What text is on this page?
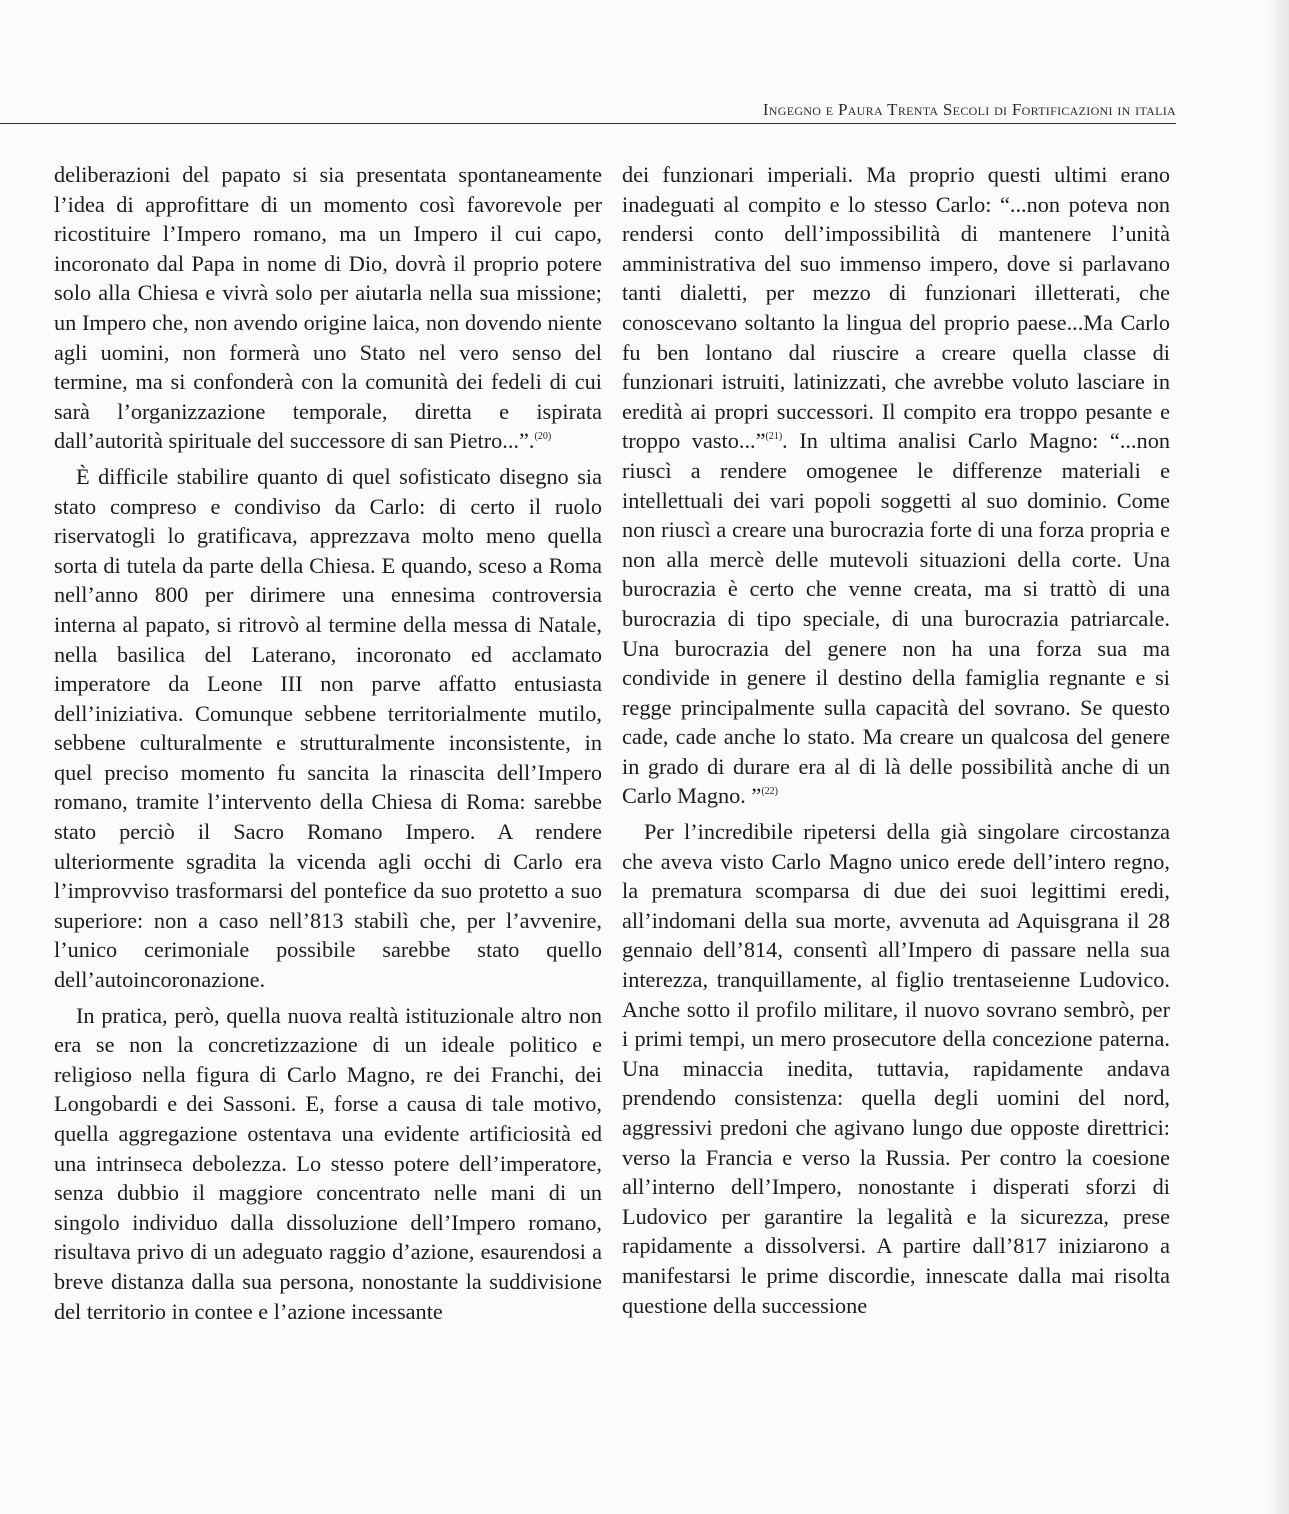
Ingegno e Paura Trenta Secoli di Fortificazioni in italia

deliberazioni del papato si sia presentata spontaneamente l’idea di approfittare di un momento così favorevole per ricostituire l’Impero romano, ma un Impero il cui capo, incoronato dal Papa in nome di Dio, dovrà il proprio potere solo alla Chiesa e vivrà solo per aiutarla nella sua missione; un Impero che, non avendo origine laica, non dovendo niente agli uomini, non formerà uno Stato nel vero senso del termine, ma si confonderà con la comunità dei fedeli di cui sarà l’organizzazione temporale, diretta e ispirata dall’autorità spirituale del successore di san Pietro...”.$^{(20)}$

È difficile stabilire quanto di quel sofisticato disegno sia stato compreso e condiviso da Carlo: di certo il ruolo riservatogli lo gratificava, apprezzava molto meno quella sorta di tutela da parte della Chiesa. E quando, sceso a Roma nell’anno 800 per dirimere una ennesima controversia interna al papato, si ritrovò al termine della messa di Natale, nella basilica del Laterano, incoronato ed acclamato imperatore da Leone III non parve affatto entusiasta dell’iniziativa. Comunque sebbene territorialmente mutilo, sebbene culturalmente e strutturalmente inconsistente, in quel preciso momento fu sancita la rinascita dell’Impero romano, tramite l’intervento della Chiesa di Roma: sarebbe stato perciò il Sacro Romano Impero. A rendere ulteriormente sgradita la vicenda agli occhi di Carlo era l’improvviso trasformarsi del pontefice da suo protetto a suo superiore: non a caso nell’813 stabilì che, per l’avvenire, l’unico cerimoniale possibile sarebbe stato quello dell’autoincoronazione.

In pratica, però, quella nuova realtà istituzionale altro non era se non la concretizzazione di un ideale politico e religioso nella figura di Carlo Magno, re dei Franchi, dei Longobardi e dei Sassoni. E, forse a causa di tale motivo, quella aggregazione ostentava una evidente artificiosità ed una intrinseca debolezza. Lo stesso potere dell’imperatore, senza dubbio il maggiore concentrato nelle mani di un singolo individuo dalla dissoluzione dell’Impero romano, risultava privo di un adeguato raggio d’azione, esaurendosi a breve distanza dalla sua persona, nonostante la suddivisione del territorio in contee e l’azione incessante

dei funzionari imperiali. Ma proprio questi ultimi erano inadeguati al compito e lo stesso Carlo: “...non poteva non rendersi conto dell’impossibilità di mantenere l’unità amministrativa del suo immenso impero, dove si parlavano tanti dialetti, per mezzo di funzionari illetterati, che conoscevano soltanto la lingua del proprio paese...Ma Carlo fu ben lontano dal riuscire a creare quella classe di funzionari istruiti, latinizzati, che avrebbe voluto lasciare in eredità ai propri successori. Il compito era troppo pesante e troppo vasto...”$^{(21)}$. In ultima analisi Carlo Magno: “...non riuscì a rendere omogenee le differenze materiali e intellettuali dei vari popoli soggetti al suo dominio. Come non riuscì a creare una burocrazia forte di una forza propria e non alla mercè delle mutevoli situazioni della corte. Una burocrazia è certo che venne creata, ma si trattò di una burocrazia di tipo speciale, di una burocrazia patriarcale. Una burocrazia del genere non ha una forza sua ma condivide in genere il destino della famiglia regnante e si regge principalmente sulla capacità del sovrano. Se questo cade, cade anche lo stato. Ma creare un qualcosa del genere in grado di durare era al di là delle possibilità anche di un Carlo Magno. ”$^{(22)}$

Per l’incredibile ripetersi della già singolare circostanza che aveva visto Carlo Magno unico erede dell’intero regno, la prematura scomparsa di due dei suoi legittimi eredi, all’indomani della sua morte, avvenuta ad Aquisgrana il 28 gennaio dell’814, consentì all’Impero di passare nella sua interezza, tranquillamente, al figlio trentaseienne Ludovico. Anche sotto il profilo militare, il nuovo sovrano sembrò, per i primi tempi, un mero prosecutore della concezione paterna. Una minaccia inedita, tuttavia, rapidamente andava prendendo consistenza: quella degli uomini del nord, aggressivi predoni che agivano lungo due opposte direttrici: verso la Francia e verso la Russia. Per contro la coesione all’interno dell’Impero, nonostante i disperati sforzi di Ludovico per garantire la legalità e la sicurezza, prese rapidamente a dissolversi. A partire dall’817 iniziarono a manifestarsi le prime discordie, innescate dalla mai risolta questione della successione
